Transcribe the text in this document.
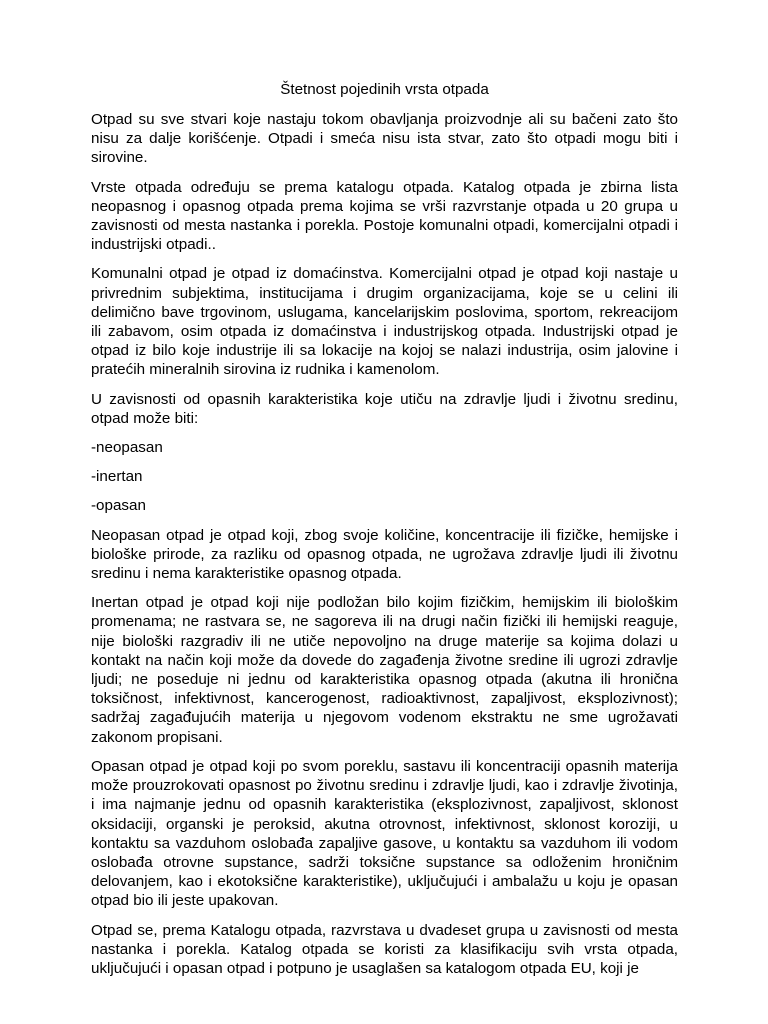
Štetnost pojedinih vrsta otpada

Otpad su sve stvari koje nastaju tokom obavljanja proizvodnje ali su bačeni zato što nisu za dalje korišćenje. Otpadi i smeća nisu ista stvar, zato što otpadi mogu biti i sirovine.

Vrste otpada određuju se prema katalogu otpada. Katalog otpada je zbirna lista neopasnog i opasnog otpada prema kojima se vrši razvrstanje otpada u 20 grupa u zavisnosti od mesta nastanka i porekla. Postoje komunalni otpadi, komercijalni otpadi i industrijski otpadi..

Komunalni otpad je otpad iz domaćinstva. Komercijalni otpad je otpad koji nastaje u privrednim subjektima, institucijama i drugim organizacijama, koje se u celini ili delimično bave trgovinom, uslugama, kancelarijskim poslovima, sportom, rekreacijom ili zabavom, osim otpada iz domaćinstva i industrijskog otpada. Industrijski otpad je otpad iz bilo koje industrije ili sa lokacije na kojoj se nalazi industrija, osim jalovine i pratećih mineralnih sirovina iz rudnika i kamenolom.

U zavisnosti od opasnih karakteristika koje utiču na zdravlje ljudi i životnu sredinu, otpad može biti:

-neopasan

-inertan

-opasan

Neopasan otpad je otpad koji, zbog svoje količine, koncentracije ili fizičke, hemijske i biološke prirode, za razliku od opasnog otpada, ne ugrožava zdravlje ljudi ili životnu sredinu i nema karakteristike opasnog otpada.

Inertan otpad je otpad koji nije podložan bilo kojim fizičkim, hemijskim ili biološkim promenama; ne rastvara se, ne sagoreva ili na drugi način fizički ili hemijski reaguje, nije biološki razgradiv ili ne utiče nepovoljno na druge materije sa kojima dolazi u kontakt na način koji može da dovede do zagađenja životne sredine ili ugrozi zdravlje ljudi; ne poseduje ni jednu od karakteristika opasnog otpada (akutna ili hronična toksičnost, infektivnost, kancerogenost, radioaktivnost, zapaljivost, eksplozivnost); sadržaj zagađujućih materija u njegovom vodenom ekstraktu ne sme ugrožavati zakonom propisani.

Opasan otpad je otpad koji po svom poreklu, sastavu ili koncentraciji opasnih materija može prouzrokovati opasnost po životnu sredinu i zdravlje ljudi, kao i zdravlje životinja, i ima najmanje jednu od opasnih karakteristika (eksplozivnost, zapaljivost, sklonost oksidaciji, organski je peroksid, akutna otrovnost, infektivnost, sklonost koroziji, u kontaktu sa vazduhom oslobađa zapaljive gasove, u kontaktu sa vazduhom ili vodom oslobađa otrovne supstance, sadrži toksične supstance sa odloženim hroničnim delovanjem, kao i ekotoksične karakteristike), uključujući i ambalažu u koju je opasan otpad bio ili jeste upakovan.

Otpad se, prema Katalogu otpada, razvrstava u dvadeset grupa u zavisnosti od mesta nastanka i porekla. Katalog otpada se koristi za klasifikaciju svih vrsta otpada, uključujući i opasan otpad i potpuno je usaglašen sa katalogom otpada EU, koji je
